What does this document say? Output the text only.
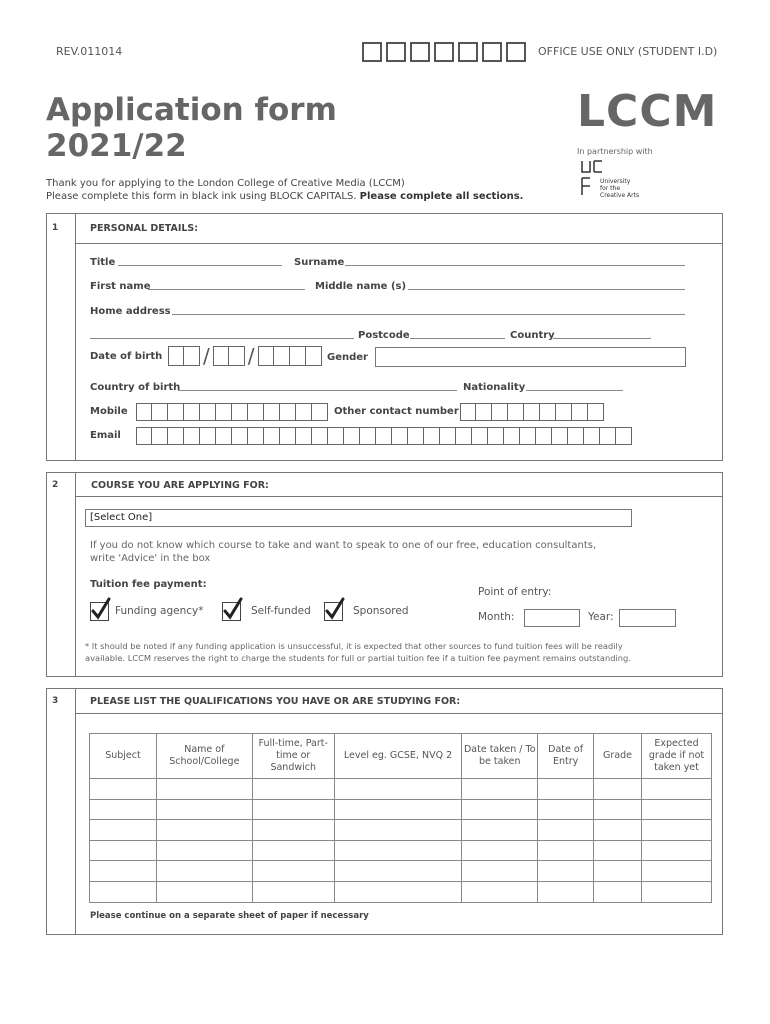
REV.011014	OFFICE USE ONLY (STUDENT I.D)
Application form
2021/22
LCCM
In partnership with
University
for the
Creative Arts
Thank you for applying to the London College of Creative Media (LCCM)
Please complete this form in black ink using BLOCK CAPITALS. Please complete all sections.
1	PERSONAL DETAILS:
Title	Surname
First name	Middle name (s)
Home address
Postcode	Country
Date of birth / /	Gender
Country of birth	Nationality
Mobile	Other contact number
Email
2	COURSE YOU ARE APPLYING FOR:
[Select One]
If you do not know which course to take and want to speak to one of our free, education consultants,
write 'Advice' in the box
Tuition fee payment:
Funding agency*	Self-funded	Sponsored
Point of entry:
Month:	Year:
* It should be noted if any funding application is unsuccessful, it is expected that other sources to fund tuition fees will be readily
available. LCCM reserves the right to charge the students for full or partial tuition fee if a tuition fee payment remains outstanding.
3	PLEASE LIST THE QUALIFICATIONS YOU HAVE OR ARE STUDYING FOR:
Subject	Name of School/College	Full-time, Part-time or Sandwich	Level eg. GCSE, NVQ 2	Date taken / To be taken	Date of Entry	Grade	Expected grade if not taken yet

Please continue on a separate sheet of paper if necessary
